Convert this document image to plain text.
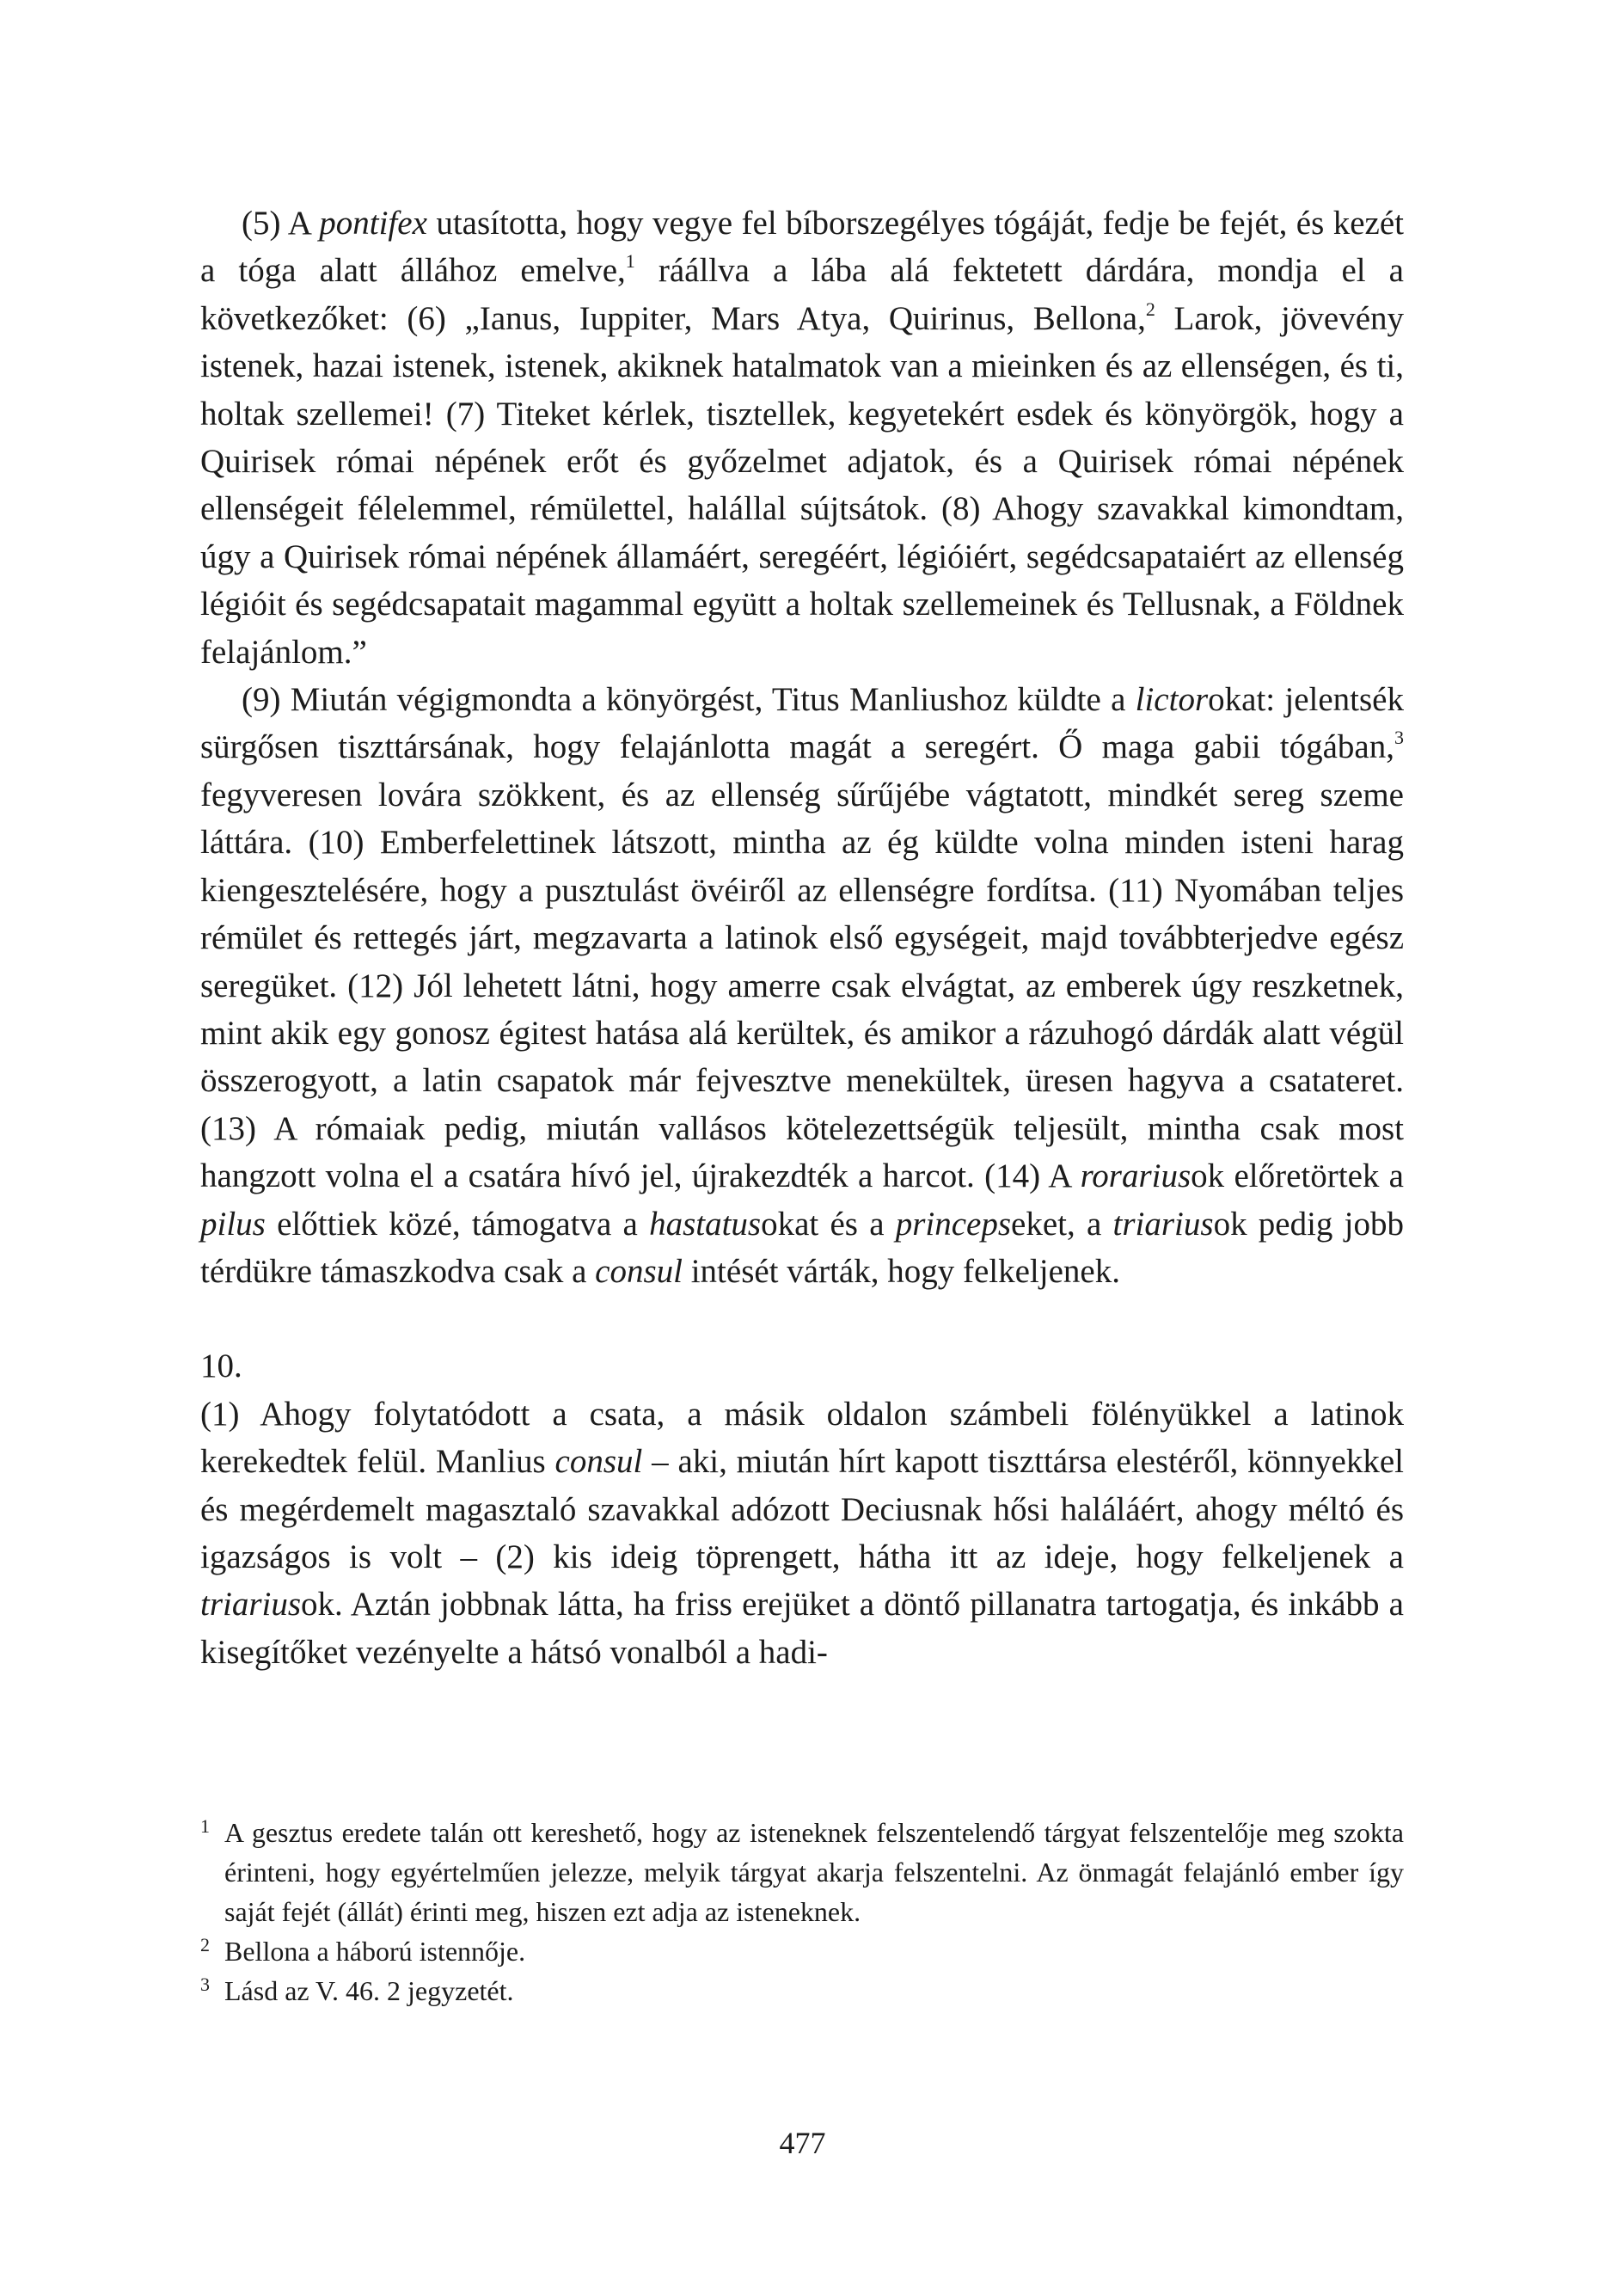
(5) A pontifex utasította, hogy vegye fel bíborszegélyes tógáját, fedje be fejét, és kezét a tóga alatt állához emelve,$^1$ ráállva a lába alá fektetett dárdára, mondja el a következőket: (6) „Ianus, Iuppiter, Mars Atya, Quirinus, Bellona,$^2$ Larok, jövevény istenek, hazai istenek, istenek, akiknek hatalmatok van a mieinken és az ellenségen, és ti, holtak szellemei! (7) Titeket kérlek, tisztellek, kegyetekért esdek és könyörgök, hogy a Quirisek római népének erőt és győzelmet adjatok, és a Quirisek római népének ellenségeit félelemmel, rémülettel, halállal sújtsátok. (8) Ahogy szavakkal kimondtam, úgy a Quirisek római népének államáért, seregéért, légióiért, segédcsapataiért az ellenség légióit és segédcsapatait magammal együtt a holtak szellemeinek és Tellusnak, a Földnek felajánlom.”

(9) Miután végigmondta a könyörgést, Titus Manliushoz küldte a lictorokat: jelentsék sürgősen tiszttársának, hogy felajánlotta magát a seregért. Ő maga gabii tógában,$^3$ fegyveresen lovára szökkent, és az ellenség sűrűjébe vágtatott, mindkét sereg szeme láttára. (10) Emberfelettinek látszott, mintha az ég küldte volna minden isteni harag kiengesztelésére, hogy a pusztulást övéiről az ellenségre fordítsa. (11) Nyomában teljes rémület és rettegés járt, megzavarta a latinok első egységeit, majd továbbterjedve egész seregüket. (12) Jól lehetett látni, hogy amerre csak elvágtat, az emberek úgy reszketnek, mint akik egy gonosz égitest hatása alá kerültek, és amikor a rázuhogó dárdák alatt végül összerogyott, a latin csapatok már fejvesztve menekültek, üresen hagyva a csatateret. (13) A rómaiak pedig, miután vallásos kötelezettségük teljesült, mintha csak most hangzott volna el a csatára hívó jel, újrakezdték a harcot. (14) A rorariusok előretörtek a pilus előttiek közé, támogatva a hastatusokat és a princepseket, a triariusok pedig jobb térdükre támaszkodva csak a consul intését várták, hogy felkeljenek.

10.

(1) Ahogy folytatódott a csata, a másik oldalon számbeli fölényükkel a latinok kerekedtek felül. Manlius consul – aki, miután hírt kapott tiszttársa elestéről, könnyekkel és megérdemelt magasztaló szavakkal adózott Deciusnak hősi haláláért, ahogy méltó és igazságos is volt – (2) kis ideig töprengett, hátha itt az ideje, hogy felkeljenek a triariusok. Aztán jobbnak látta, ha friss erejüket a döntő pillanatra tartogatja, és inkább a kisegítőket vezényelte a hátsó vonalból a hadi-

1 A gesztus eredete talán ott kereshető, hogy az isteneknek felszentelendő tárgyat felszentelője meg szokta érinteni, hogy egyértelműen jelezze, melyik tárgyat akarja felszentelni. Az önmagát felajánló ember így saját fejét (állát) érinti meg, hiszen ezt adja az isteneknek.

2 Bellona a háború istennője.

3 Lásd az V. 46. 2 jegyzetét.

477
